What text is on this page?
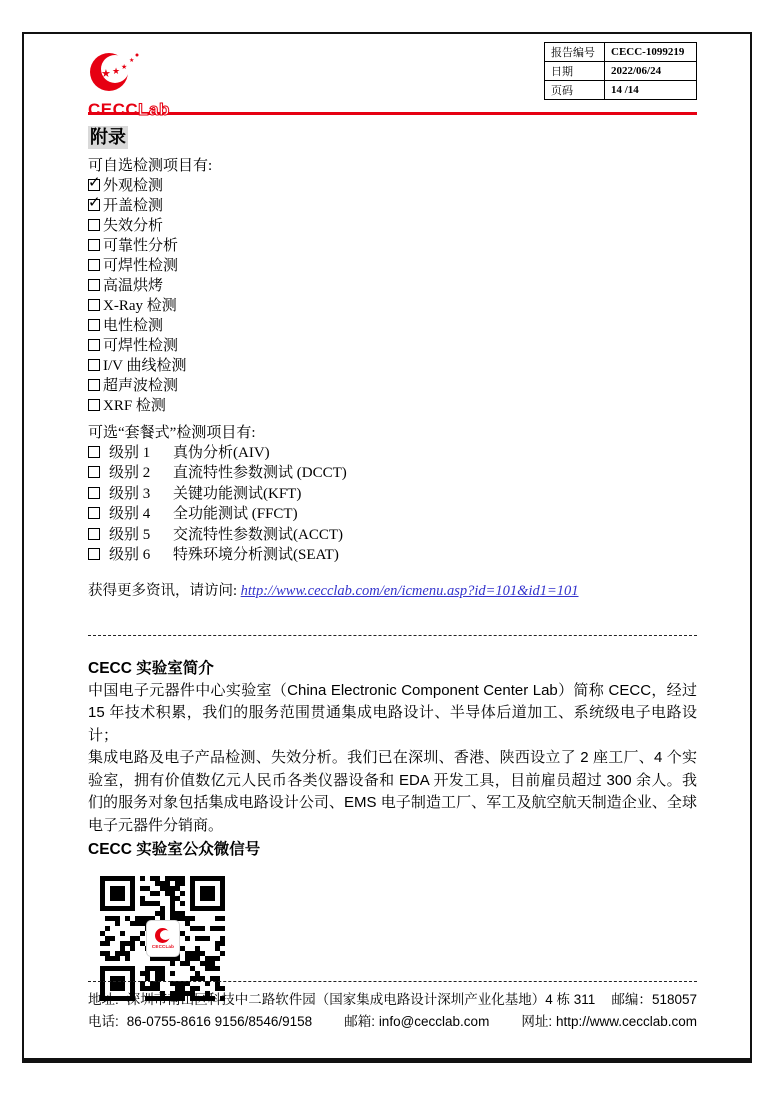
★ ★ ★
★
CECCLab
报告编号	CECC-1099219
日期	2022/06/24
页码	14 /14
附录
可自选检测项目有:
✓ 外观检测
✓ 开盖检测
失效分析
可靠性分析
可焊性检测
高温烘烤
X-Ray 检测
电性检测
可焊性检测
I/V 曲线检测
超声波检测
XRF 检测
可选“套餐式”检测项目有:
级别 1 真伪分析(AIV)
级别 2 直流特性参数测试 (DCCT)
级别 3 关键功能测试(KFT)
级别 4 全功能测试 (FFCT)
级别 5 交流特性参数测试(ACCT)
级别 6 特殊环境分析测试(SEAT)
获得更多资讯，请访问: http://www.cecclab.com/en/icmenu.asp?id=101&id1=101
CECC 实验室简介
中国电子元器件中心实验室（China Electronic Component Center Lab）简称 CECC，经过 15 年技术积累，我们的服务范围贯通集成电路设计、半导体后道加工、系统级电子电路设计；
集成电路及电子产品检测、失效分析。我们已在深圳、香港、陕西设立了 2 座工厂、4 个实验室，拥有价值数亿元人民币各类仪器设备和 EDA 开发工具，目前雇员超过 300 余人。我们的服务对象包括集成电路设计公司、EMS 电子制造工厂、军工及航空航天制造企业、全球电子元器件分销商。
CECC 实验室公众微信号
CECCLab
地址: 深圳市南山区科技中二路软件园（国家集成电路设计深圳产业化基地）4 栋 311 邮编：518057
电话: 86-0755-8616 9156/8546/9158 邮箱: info@cecclab.com 网址: http://www.cecclab.com
